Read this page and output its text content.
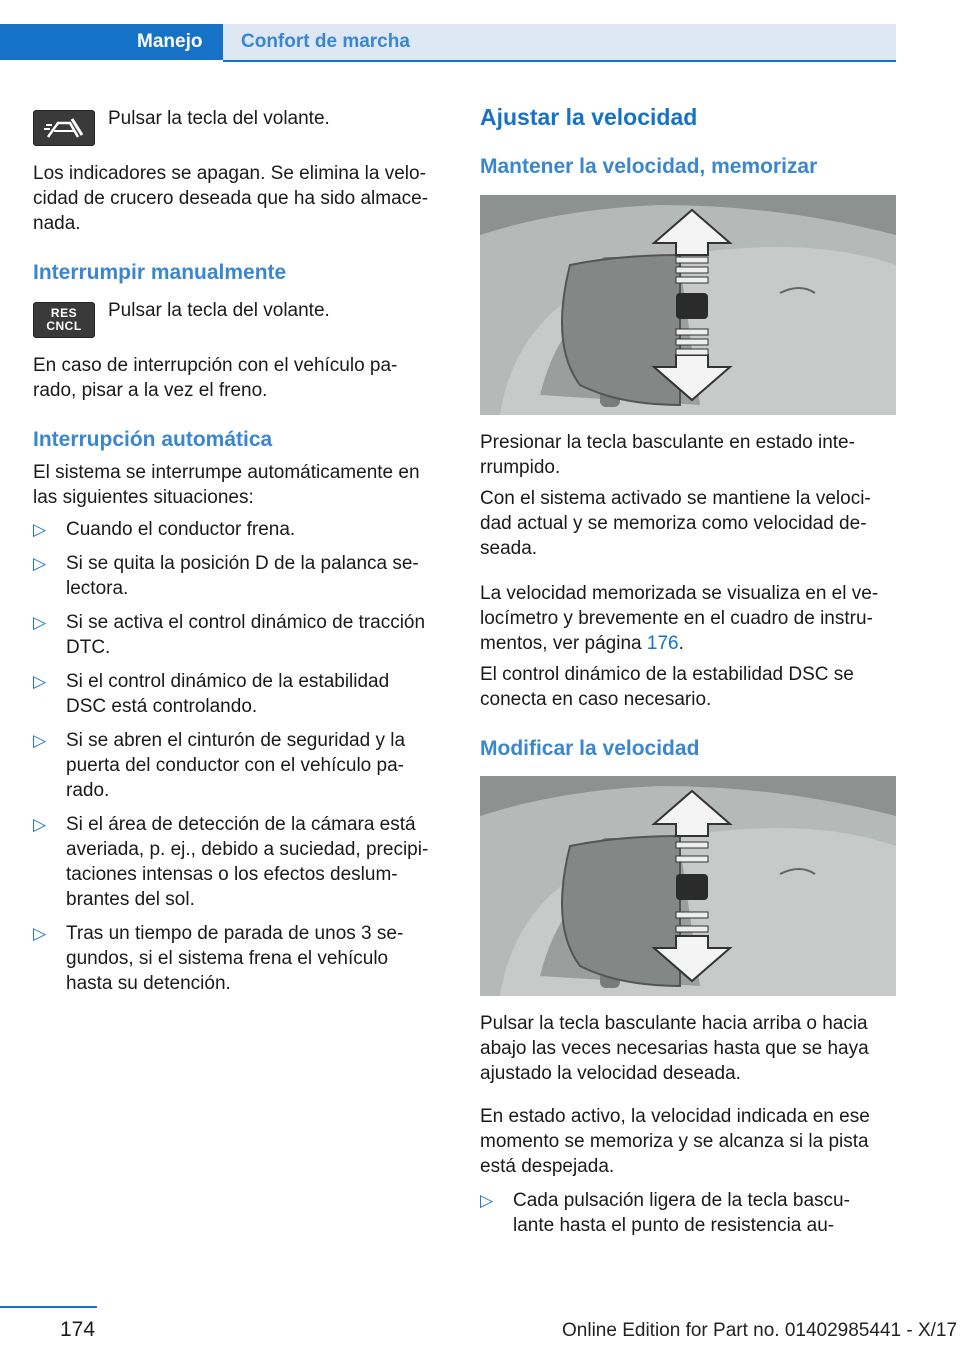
Manejo	Confort de marcha

Pulsar la tecla del volante.

Los indicadores se apagan. Se elimina la velo-

cidad de crucero deseada que ha sido almace-

nada.

Interrumpir manualmente
RES
CNCL

Pulsar la tecla del volante.

En caso de interrupción con el vehículo pa-

rado, pisar a la vez el freno.

Interrupción automática

El sistema se interrumpe automáticamente en

las siguientes situaciones:

▷ Cuando el conductor frena.
▷ Si se quita la posición D de la palanca se-
lectora.
▷ Si se activa el control dinámico de tracción
DTC.
▷ Si el control dinámico de la estabilidad
DSC está controlando.
▷ Si se abren el cinturón de seguridad y la
puerta del conductor con el vehículo pa-
rado.
▷ Si el área de detección de la cámara está
averiada, p. ej., debido a suciedad, precipi-
taciones intensas o los efectos deslum-
brantes del sol.
▷ Tras un tiempo de parada de unos 3 se-
gundos, si el sistema frena el vehículo
hasta su detención.
Ajustar la velocidad
Mantener la velocidad, memorizar

Presionar la tecla basculante en estado inte-

rrumpido.

Con el sistema activado se mantiene la veloci-

dad actual y se memoriza como velocidad de-

seada.

La velocidad memorizada se visualiza en el ve-

locímetro y brevemente en el cuadro de instru-

mentos, ver página 176.

El control dinámico de la estabilidad DSC se

conecta en caso necesario.

Modificar la velocidad

Pulsar la tecla basculante hacia arriba o hacia

abajo las veces necesarias hasta que se haya

ajustado la velocidad deseada.

En estado activo, la velocidad indicada en ese

momento se memoriza y se alcanza si la pista

está despejada.

▷ Cada pulsación ligera de la tecla bascu-
lante hasta el punto de resistencia au-
174	Online Edition for Part no. 01402985441 - X/17
